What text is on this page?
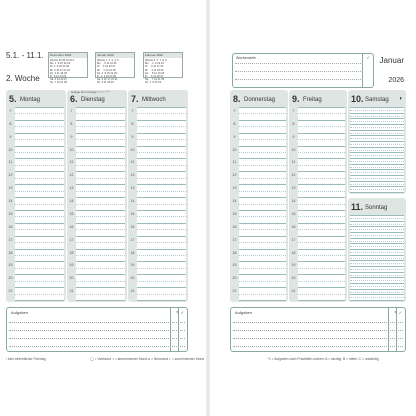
5.1. - 11.1.
2. Woche
Dezember 2025
Woche 49 50 51 52 1
Mo  1  8 15 22 29
Di  2  9 16 23 30
Mi  3 10 17 24 31
Do  4 11 18 25
Fr  5 12 19 26
Sa  6 13 20 27
So  7 14 21 28
Januar 2026
Woche 1  2  3  4  5
Mo     5 12 19 26
Di     6 13 20 27
Mi     7 14 21 28
Do  1  8 15 22 29
Fr  2  9 16 23 30
Sa  3 10 17 24 31
So  4 11 18 25
Februar 2026
Woche 5  6  7  8  9
Mo     2  9 16 23
Di     3 10 17 24
Mi     4 11 18 25
Do     5 12 19 26
Fr     6 13 20 27
Sa     7 14 21 28
So  1  8 15 22
5. Montag
7
8
9
10
11
12
13
14
15
16
17
18
19
20
21
Heilige Drei Könige ¹⁾ ²⁾ ³⁾ ⁴⁾ ⁵⁾
6. Dienstag
7
8
9
10
11
12
13
14
15
16
17
18
19
20
21
7. Mittwoch
7
8
9
10
11
12
13
14
15
16
17
18
19
20
21
Aufgaben	✎ ✓
¹ kein einheitlicher Feiertag	◯ = Vollmond ◑ = abnehmender Mond ● = Neumond ◐ = zunehmender Mond
Wochenziele	✓ Januar
2026
8. Donnerstag
7
8
9
10
11
12
13
14
15
16
17
18
19
20
21
9. Freitag
7
8
9
10
11
12
13
14
15
16
17
18
19
20
21
10. Samstag ◐
11. Sonntag
Aufgaben	✎ ✓
✎ = Aufgaben nach Prioritäten ordnen: A = wichtig, B = mittel, C = unwichtig
